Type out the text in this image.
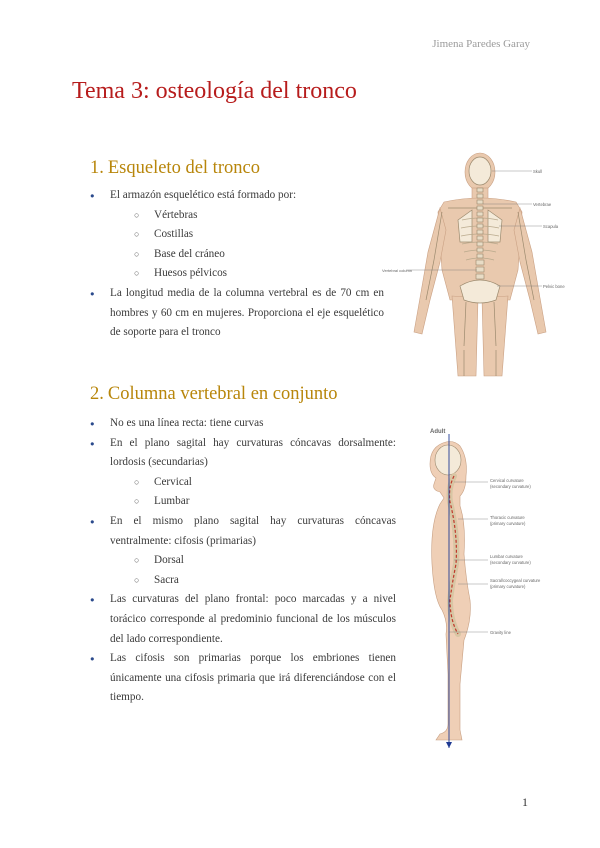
Jimena Paredes Garay
Tema 3: osteología del tronco
1. Esqueleto del tronco
● El armazón esquelético está formado por:
○ Vértebras
○ Costillas
○ Base del cráneo
○ Huesos pélvicos
● La longitud media de la columna vertebral es de 70 cm en hombres y 60 cm en mujeres. Proporciona el eje esquelético de soporte para el tronco
Skull
Vertebrae
Scapula
Vertebral column
Pelvic bone
2. Columna vertebral en conjunto
● No es una línea recta: tiene curvas
● En el plano sagital hay curvaturas cóncavas dorsalmente: lordosis (secundarias)
○ Cervical
○ Lumbar
● En el mismo plano sagital hay curvaturas cóncavas ventralmente: cifosis (primarias)
○ Dorsal
○ Sacra
● Las curvaturas del plano frontal: poco marcadas y a nivel torácico corresponde al predominio funcional de los músculos del lado correspondiente.
● Las cifosis son primarias porque los embriones tienen únicamente una cifosis primaria que irá diferenciándose con el tiempo.
Adult
Cervical curvature
(secondary curvature)
Thoracic curvature
(primary curvature)
Lumbar curvature
(secondary curvature)
Sacral/coccygeal curvature
(primary curvature)
Gravity line
1
